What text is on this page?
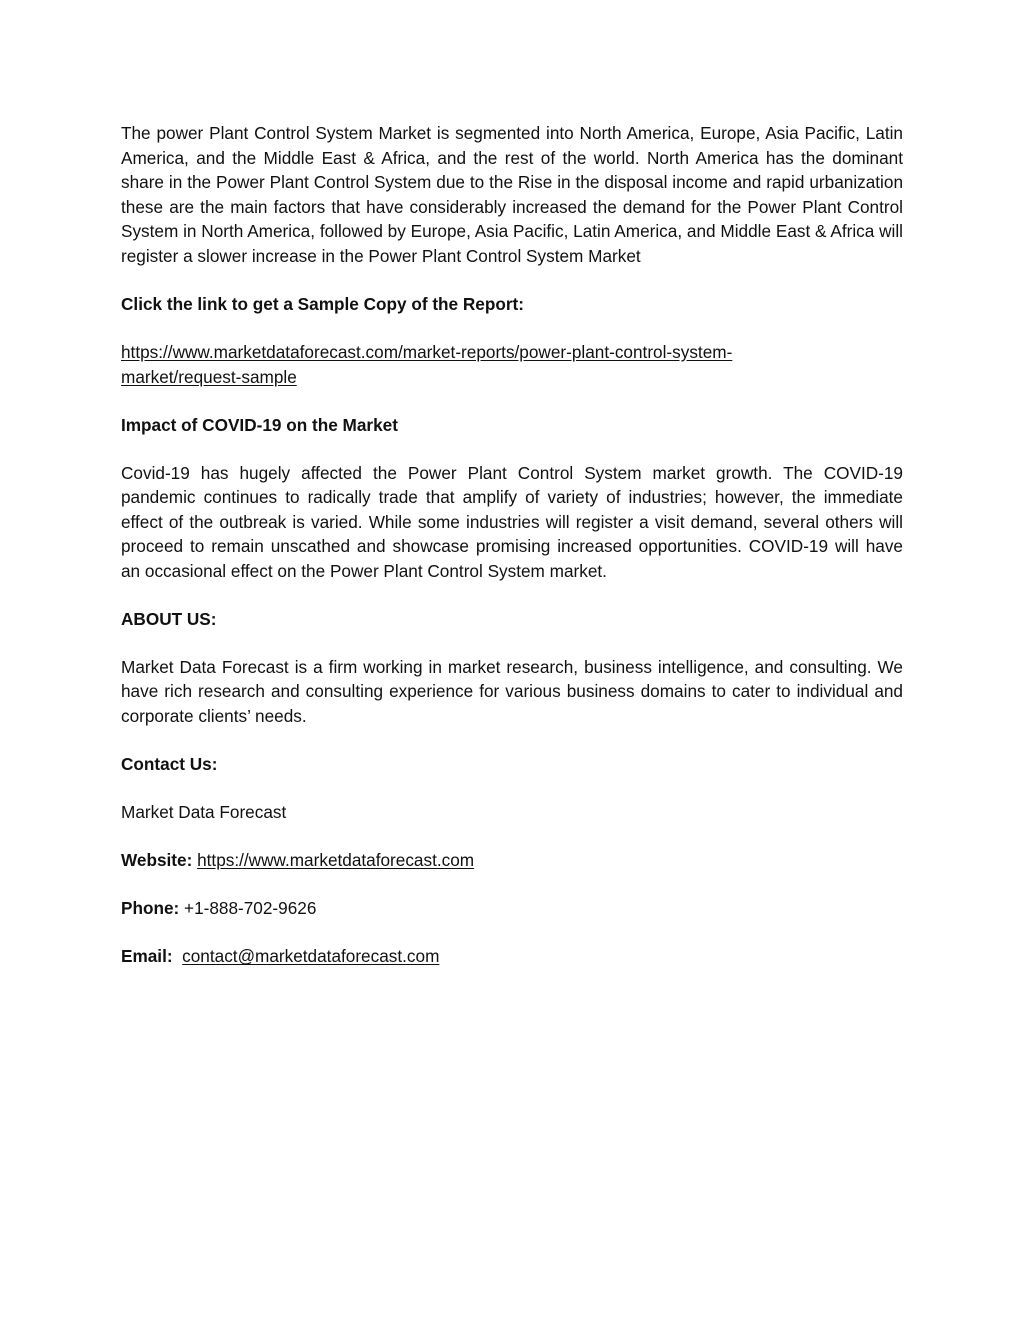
The power Plant Control System Market is segmented into North America, Europe, Asia Pacific, Latin America, and the Middle East & Africa, and the rest of the world. North America has the dominant share in the Power Plant Control System due to the Rise in the disposal income and rapid urbanization these are the main factors that have considerably increased the demand for the Power Plant Control System in North America, followed by Europe, Asia Pacific, Latin America, and Middle East & Africa will register a slower increase in the Power Plant Control System Market

Click the link to get a Sample Copy of the Report:

https://www.marketdataforecast.com/market-reports/power-plant-control-system-
market/request-sample

Impact of COVID-19 on the Market

Covid-19 has hugely affected the Power Plant Control System market growth. The COVID-19 pandemic continues to radically trade that amplify of variety of industries; however, the immediate effect of the outbreak is varied. While some industries will register a visit demand, several others will proceed to remain unscathed and showcase promising increased opportunities. COVID-19 will have an occasional effect on the Power Plant Control System market.

ABOUT US:

Market Data Forecast is a firm working in market research, business intelligence, and consulting. We have rich research and consulting experience for various business domains to cater to individual and corporate clients’ needs.

Contact Us:

Market Data Forecast

Website: https://www.marketdataforecast.com

Phone: +1-888-702-9626

Email: contact@marketdataforecast.com
